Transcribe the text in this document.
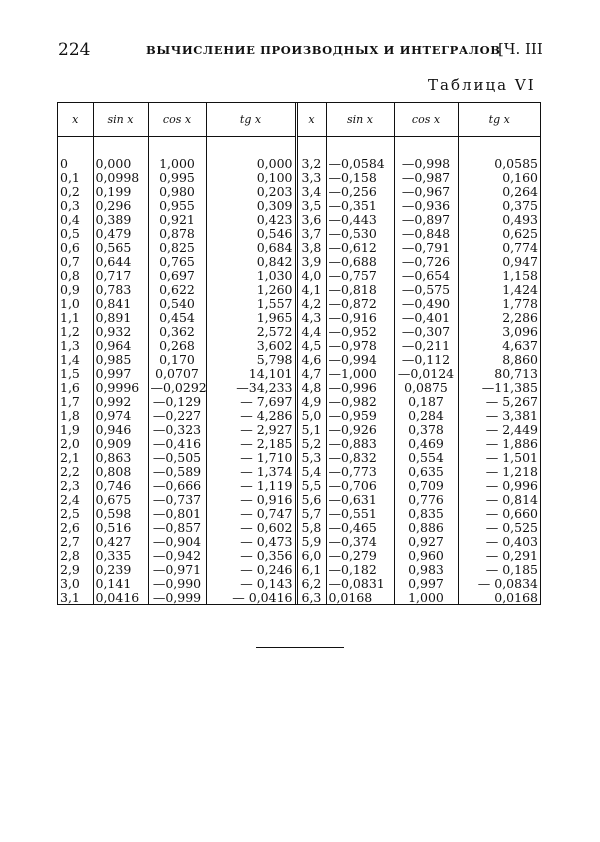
224	ВЫЧИСЛЕНИЕ ПРОИЗВОДНЫХ И ИНТЕГРАЛОВ
[Ч. III
Таблица VI
x	sin x	cos x	tg x	x	sin x	cos x	tg x

0	0,000	1,000	0,000	3,2	—0,0584	—0,998	0,0585
0,1	0,0998	0,995	0,100	3,3	—0,158	—0,987	0,160
0,2	0,199	0,980	0,203	3,4	—0,256	—0,967	0,264
0,3	0,296	0,955	0,309	3,5	—0,351	—0,936	0,375
0,4	0,389	0,921	0,423	3,6	—0,443	—0,897	0,493
0,5	0,479	0,878	0,546	3,7	—0,530	—0,848	0,625
0,6	0,565	0,825	0,684	3,8	—0,612	—0,791	0,774
0,7	0,644	0,765	0,842	3,9	—0,688	—0,726	0,947
0,8	0,717	0,697	1,030	4,0	—0,757	—0,654	1,158
0,9	0,783	0,622	1,260	4,1	—0,818	—0,575	1,424
1,0	0,841	0,540	1,557	4,2	—0,872	—0,490	1,778
1,1	0,891	0,454	1,965	4,3	—0,916	—0,401	2,286
1,2	0,932	0,362	2,572	4,4	—0,952	—0,307	3,096
1,3	0,964	0,268	3,602	4,5	—0,978	—0,211	4,637
1,4	0,985	0,170	5,798	4,6	—0,994	—0,112	8,860
1,5	0,997	0,0707	14,101	4,7	—1,000	—0,0124	80,713
1,6	0,9996	—0,0292	—34,233	4,8	—0,996	0,0875	—11,385
1,7	0,992	—0,129	— 7,697	4,9	—0,982	0,187	— 5,267
1,8	0,974	—0,227	— 4,286	5,0	—0,959	0,284	— 3,381
1,9	0,946	—0,323	— 2,927	5,1	—0,926	0,378	— 2,449
2,0	0,909	—0,416	— 2,185	5,2	—0,883	0,469	— 1,886
2,1	0,863	—0,505	— 1,710	5,3	—0,832	0,554	— 1,501
2,2	0,808	—0,589	— 1,374	5,4	—0,773	0,635	— 1,218
2,3	0,746	—0,666	— 1,119	5,5	—0,706	0,709	— 0,996
2,4	0,675	—0,737	— 0,916	5,6	—0,631	0,776	— 0,814
2,5	0,598	—0,801	— 0,747	5,7	—0,551	0,835	— 0,660
2,6	0,516	—0,857	— 0,602	5,8	—0,465	0,886	— 0,525
2,7	0,427	—0,904	— 0,473	5,9	—0,374	0,927	— 0,403
2,8	0,335	—0,942	— 0,356	6,0	—0,279	0,960	— 0,291
2,9	0,239	—0,971	— 0,246	6,1	—0,182	0,983	— 0,185
3,0	0,141	—0,990	— 0,143	6,2	—0,0831	0,997	— 0,0834
3,1	0,0416	—0,999	— 0,0416	6,3	0,0168	1,000	0,0168
